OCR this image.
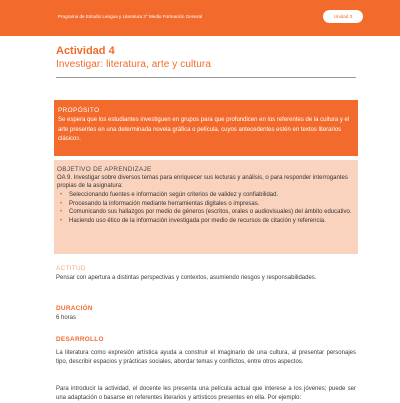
Programa de Estudio Lengua y Literatura 3° Medio Formación General	Unidad 3
Actividad 4
Investigar: literatura, arte y cultura
PROPÓSITO
Se espera que los estudiantes investiguen en grupos para que profundicen en los referentes de la cultura y el arte presentes en una determinada novela gráfica o película, cuyos antecedentes estén en textos literarios clásicos.
OBJETIVO DE APRENDIZAJE
OA 9. Investigar sobre diversos temas para enriquecer sus lecturas y análisis, o para responder interrogantes propias de la asignatura:
• Seleccionando fuentes e información según criterios de validez y confiabilidad.
• Procesando la información mediante herramientas digitales o impresas.
• Comunicando sus hallazgos por medio de géneros (escritos, orales o audiovisuales) del ámbito educativo.
• Haciendo uso ético de la información investigada por medio de recursos de citación y referencia.
ACTITUD
Pensar con apertura a distintas perspectivas y contextos, asumiendo riesgos y responsabilidades.
DURACIÓN
6 horas
DESARROLLO
La literatura como expresión artística ayuda a construir el imaginario de una cultura, al presentar personajes tipo, describir espacios y prácticas sociales, abordar temas y conflictos, entre otros aspectos.
Para introducir la actividad, el docente les presenta una película actual que interese a los jóvenes; puede ser una adaptación o basarse en referentes literarios y artísticos presentes en ella. Por ejemplo:
